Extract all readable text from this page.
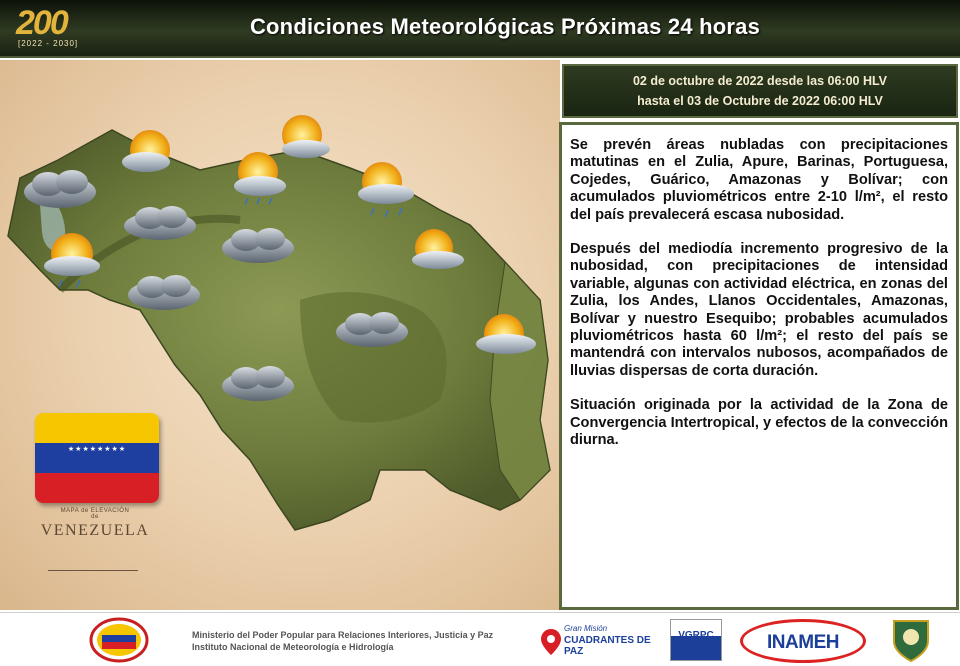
200
[2022 - 2030]
Condiciones Meteorológicas Próximas 24 horas
★★★★★★★★
MAPA de ELEVACIÓN
de
VENEZUELA
02 de octubre de 2022 desde las 06:00 HLV
hasta el 03 de Octubre de 2022 06:00 HLV

Se prevén áreas nubladas con precipitaciones matutinas en el Zulia, Apure, Barinas, Portuguesa, Cojedes, Guárico, Amazonas y Bolívar; con acumulados pluviométricos entre 2-10 l/m², el resto del país prevalecerá escasa nubosidad.

Después del mediodía incremento progresivo de la nubosidad, con precipitaciones de intensidad variable, algunas con actividad eléctrica, en zonas del Zulia, los Andes, Llanos Occidentales, Amazonas, Bolívar y nuestro Esequibo; probables acumulados pluviométricos hasta 60 l/m²; el resto del país se mantendrá con intervalos nubosos, acompañados de lluvias dispersas de corta duración.

Situación originada por la actividad de la Zona de Convergencia Intertropical, y efectos de la convección diurna.

Ministerio del Poder Popular para Relaciones Interiores, Justicia y Paz
Instituto Nacional de Meteorología e Hidrología
Gran Misión
CUADRANTES DE PAZ
VGRPC	INAMEH
